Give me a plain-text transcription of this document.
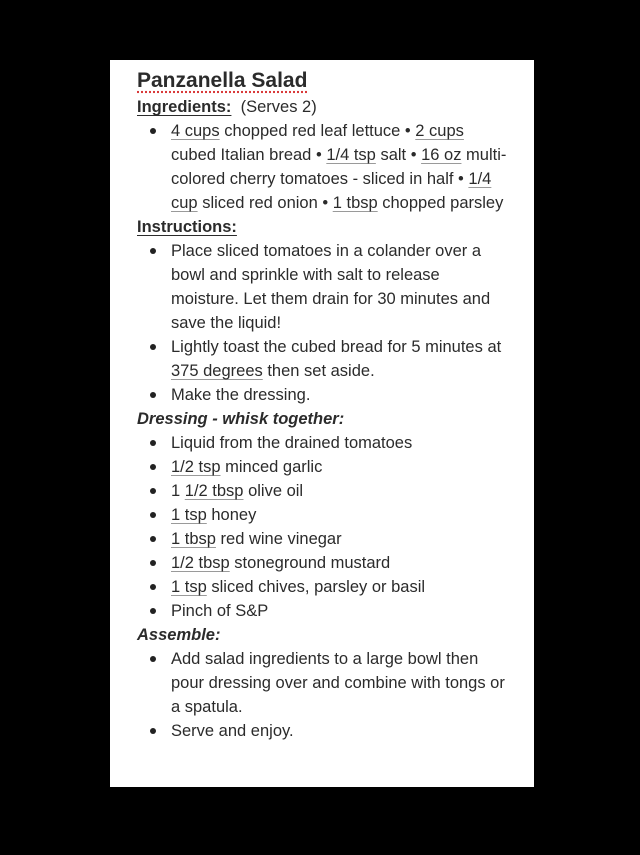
Panzanella Salad
Ingredients: (Serves 2)
4 cups chopped red leaf lettuce • 2 cups cubed Italian bread • 1/4 tsp salt • 16 oz multi-colored cherry tomatoes - sliced in half • 1/4 cup sliced red onion • 1 tbsp chopped parsley
Instructions:
Place sliced tomatoes in a colander over a bowl and sprinkle with salt to release moisture. Let them drain for 30 minutes and save the liquid!
Lightly toast the cubed bread for 5 minutes at 375 degrees then set aside.
Make the dressing.
Dressing - whisk together:
Liquid from the drained tomatoes
1/2 tsp minced garlic
1 1/2 tbsp olive oil
1 tsp honey
1 tbsp red wine vinegar
1/2 tbsp stoneground mustard
1 tsp sliced chives, parsley or basil
Pinch of S&P
Assemble:
Add salad ingredients to a large bowl then pour dressing over and combine with tongs or a spatula.
Serve and enjoy.
